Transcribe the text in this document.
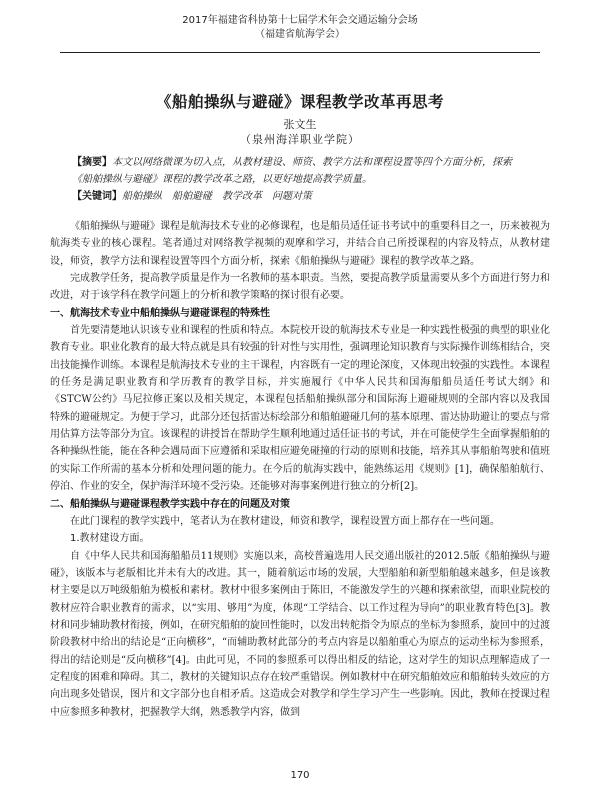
2017年福建省科协第十七届学术年会交通运输分会场
（福建省航海学会）
《船舶操纵与避碰》课程教学改革再思考
张文生
（泉州海洋职业学院）
【摘要】本文以网络微课为切入点，从教材建设、师资、教学方法和课程设置等四个方面分析，探索《船舶操纵与避碰》课程的教学改革之路，以更好地提高教学质量。
【关键词】船舶操纵　船舶避碰　教学改革　问题对策

《船舶操纵与避碰》课程是航海技术专业的必修课程，也是船员适任证书考试中的重要科目之一，历来被视为航海类专业的核心课程。笔者通过对网络教学视频的观摩和学习，并结合自己所授课程的内容及特点，从教材建设，师资，教学方法和课程设置等四个方面分析，探索《船舶操纵与避碰》课程的教学改革之路。

完成教学任务，提高教学质量是作为一名教师的基本职责。当然，要提高教学质量需要从多个方面进行努力和改进，对于该学科在教学问题上的分析和教学策略的探讨很有必要。

一、航海技术专业中船舶操纵与避碰课程的特殊性

首先要清楚地认识该专业和课程的性质和特点。本院校开设的航海技术专业是一种实践性极强的典型的职业化教育专业。职业化教育的最大特点就是具有较强的针对性与实用性，强调理论知识教育与实际操作训练相结合，突出技能操作训练。本课程是航海技术专业的主干课程，内容既有一定的理论深度，又体现出较强的实践性。本课程的任务是满足职业教育和学历教育的教学目标，并实施履行《中华人民共和国海船船员适任考试大纲》和《STCW公约》马尼拉修正案以及相关规定，本课程包括船舶操纵部分和国际海上避碰规则的全部内容以及我国特殊的避碰规定。为便于学习，此部分还包括雷达标绘部分和船舶避碰几何的基本原理、雷达协助避让的要点与常用估算方法等部分为宜。该课程的讲授旨在帮助学生顺利地通过适任证书的考试，并在可能使学生全面掌握船舶的各种操纵性能，能在各种会遇局面下应遵循和采取相应避免碰撞的行动的原则和技能，培养其从事船舶驾驶和值班的实际工作所需的基本分析和处理问题的能力。在今后的航海实践中，能熟练运用《规则》[1]，确保船舶航行、停泊、作业的安全，保护海洋环境不受污染。还能够对海事案例进行独立的分析[2]。

二、船舶操纵与避碰课程教学实践中存在的问题及对策

在此门课程的教学实践中，笔者认为在教材建设，师资和教学，课程设置方面上都存在一些问题。

1.教材建设方面。

自《中华人民共和国海船船员11规则》实施以来，高校普遍选用人民交通出版社的2012.5版《船舶操纵与避碰》，该版本与老版相比并未有大的改进。其一，随着航运市场的发展，大型船舶和新型船舶越来越多，但是该教材主要是以万吨级船舶为模板和素材。教材中很多案例由于陈旧，不能激发学生的兴趣和探索欲望，而职业院校的教材应符合职业教育的需求，以“实用、够用”为度，体现“工学结合、以工作过程为导向”的职业教育特色[3]。教材和同步辅助教材衔接，例如，在研究船舶的旋回性能时，以发出转舵指令为原点的坐标为参照系，旋回中的过渡阶段教材中给出的结论是“正向横移”，“而辅助教材此部分的考点内容是以船舶重心为原点的运动坐标为参照系，得出的结论则是“反向横移”[4]。由此可见，不同的参照系可以得出相反的结论，这对学生的知识点理解造成了一定程度的困难和障碍。其二，教材的关键知识点存在较严重错误。例如教材中在研究船舶效应和船舶转头效应的方向出现多处错误，图片和文字部分也自相矛盾。这造成会对教学和学生学习产生一些影响。因此，教师在授课过程中应参照多种教材，把握教学大纲，熟悉教学内容，做到

170
